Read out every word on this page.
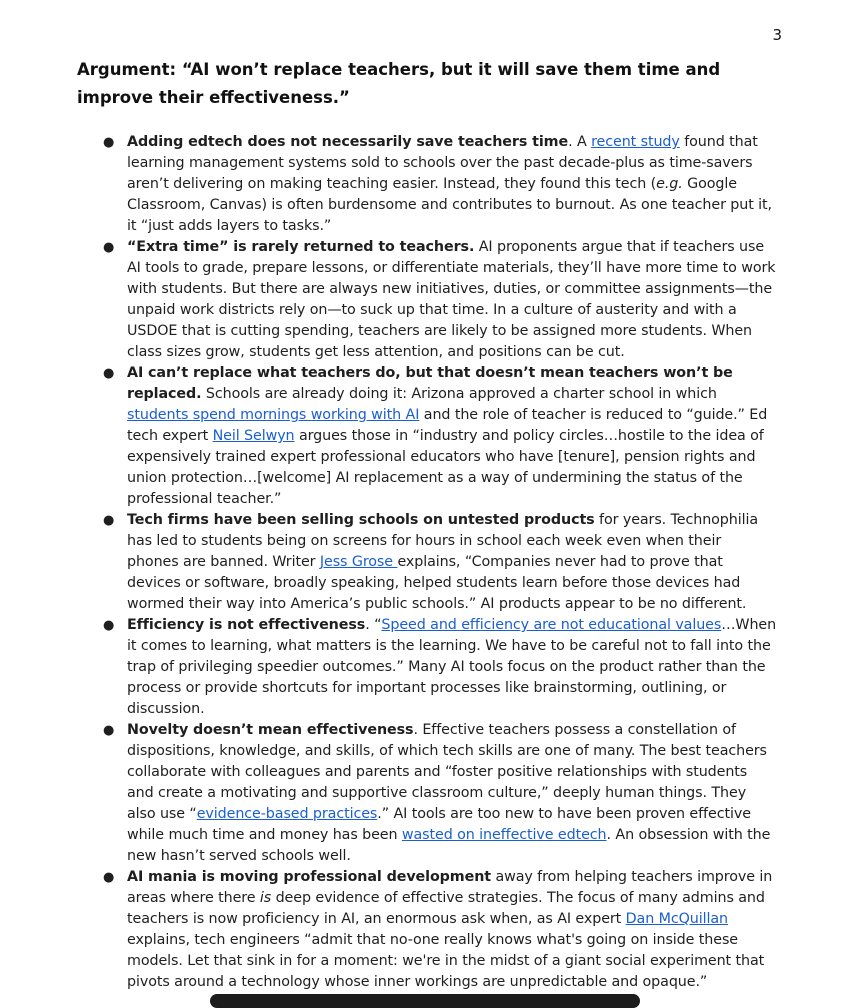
3
Argument: “AI won’t replace teachers, but it will save them time and improve their effectiveness.”
● Adding edtech does not necessarily save teachers time. A recent study found that learning management systems sold to schools over the past decade-plus as time-savers aren’t delivering on making teaching easier. Instead, they found this tech (e.g. Google Classroom, Canvas) is often burdensome and contributes to burnout. As one teacher put it, it “just adds layers to tasks.”
● “Extra time” is rarely returned to teachers. AI proponents argue that if teachers use AI tools to grade, prepare lessons, or differentiate materials, they’ll have more time to work with students. But there are always new initiatives, duties, or committee assignments—the unpaid work districts rely on—to suck up that time. In a culture of austerity and with a USDOE that is cutting spending, teachers are likely to be assigned more students. When class sizes grow, students get less attention, and positions can be cut.
● AI can’t replace what teachers do, but that doesn’t mean teachers won’t be replaced. Schools are already doing it: Arizona approved a charter school in which students spend mornings working with AI and the role of teacher is reduced to “guide.” Ed tech expert Neil Selwyn argues those in “industry and policy circles…hostile to the idea of expensively trained expert professional educators who have [tenure], pension rights and union protection…[welcome] AI replacement as a way of undermining the status of the professional teacher.”
● Tech firms have been selling schools on untested products for years. Technophilia has led to students being on screens for hours in school each week even when their phones are banned. Writer Jess Grose explains, “Companies never had to prove that devices or software, broadly speaking, helped students learn before those devices had wormed their way into America’s public schools.” AI products appear to be no different.
● Efficiency is not effectiveness. “Speed and efficiency are not educational values…When it comes to learning, what matters is the learning. We have to be careful not to fall into the trap of privileging speedier outcomes.” Many AI tools focus on the product rather than the process or provide shortcuts for important processes like brainstorming, outlining, or discussion.
● Novelty doesn’t mean effectiveness. Effective teachers possess a constellation of dispositions, knowledge, and skills, of which tech skills are one of many. The best teachers collaborate with colleagues and parents and “foster positive relationships with students and create a motivating and supportive classroom culture,” deeply human things. They also use “evidence-based practices.” AI tools are too new to have been proven effective while much time and money has been wasted on ineffective edtech. An obsession with the new hasn’t served schools well.
● AI mania is moving professional development away from helping teachers improve in areas where there is deep evidence of effective strategies. The focus of many admins and teachers is now proficiency in AI, an enormous ask when, as AI expert Dan McQuillan explains, tech engineers “admit that no-one really knows what's going on inside these models. Let that sink in for a moment: we're in the midst of a giant social experiment that pivots around a technology whose inner workings are unpredictable and opaque.”
